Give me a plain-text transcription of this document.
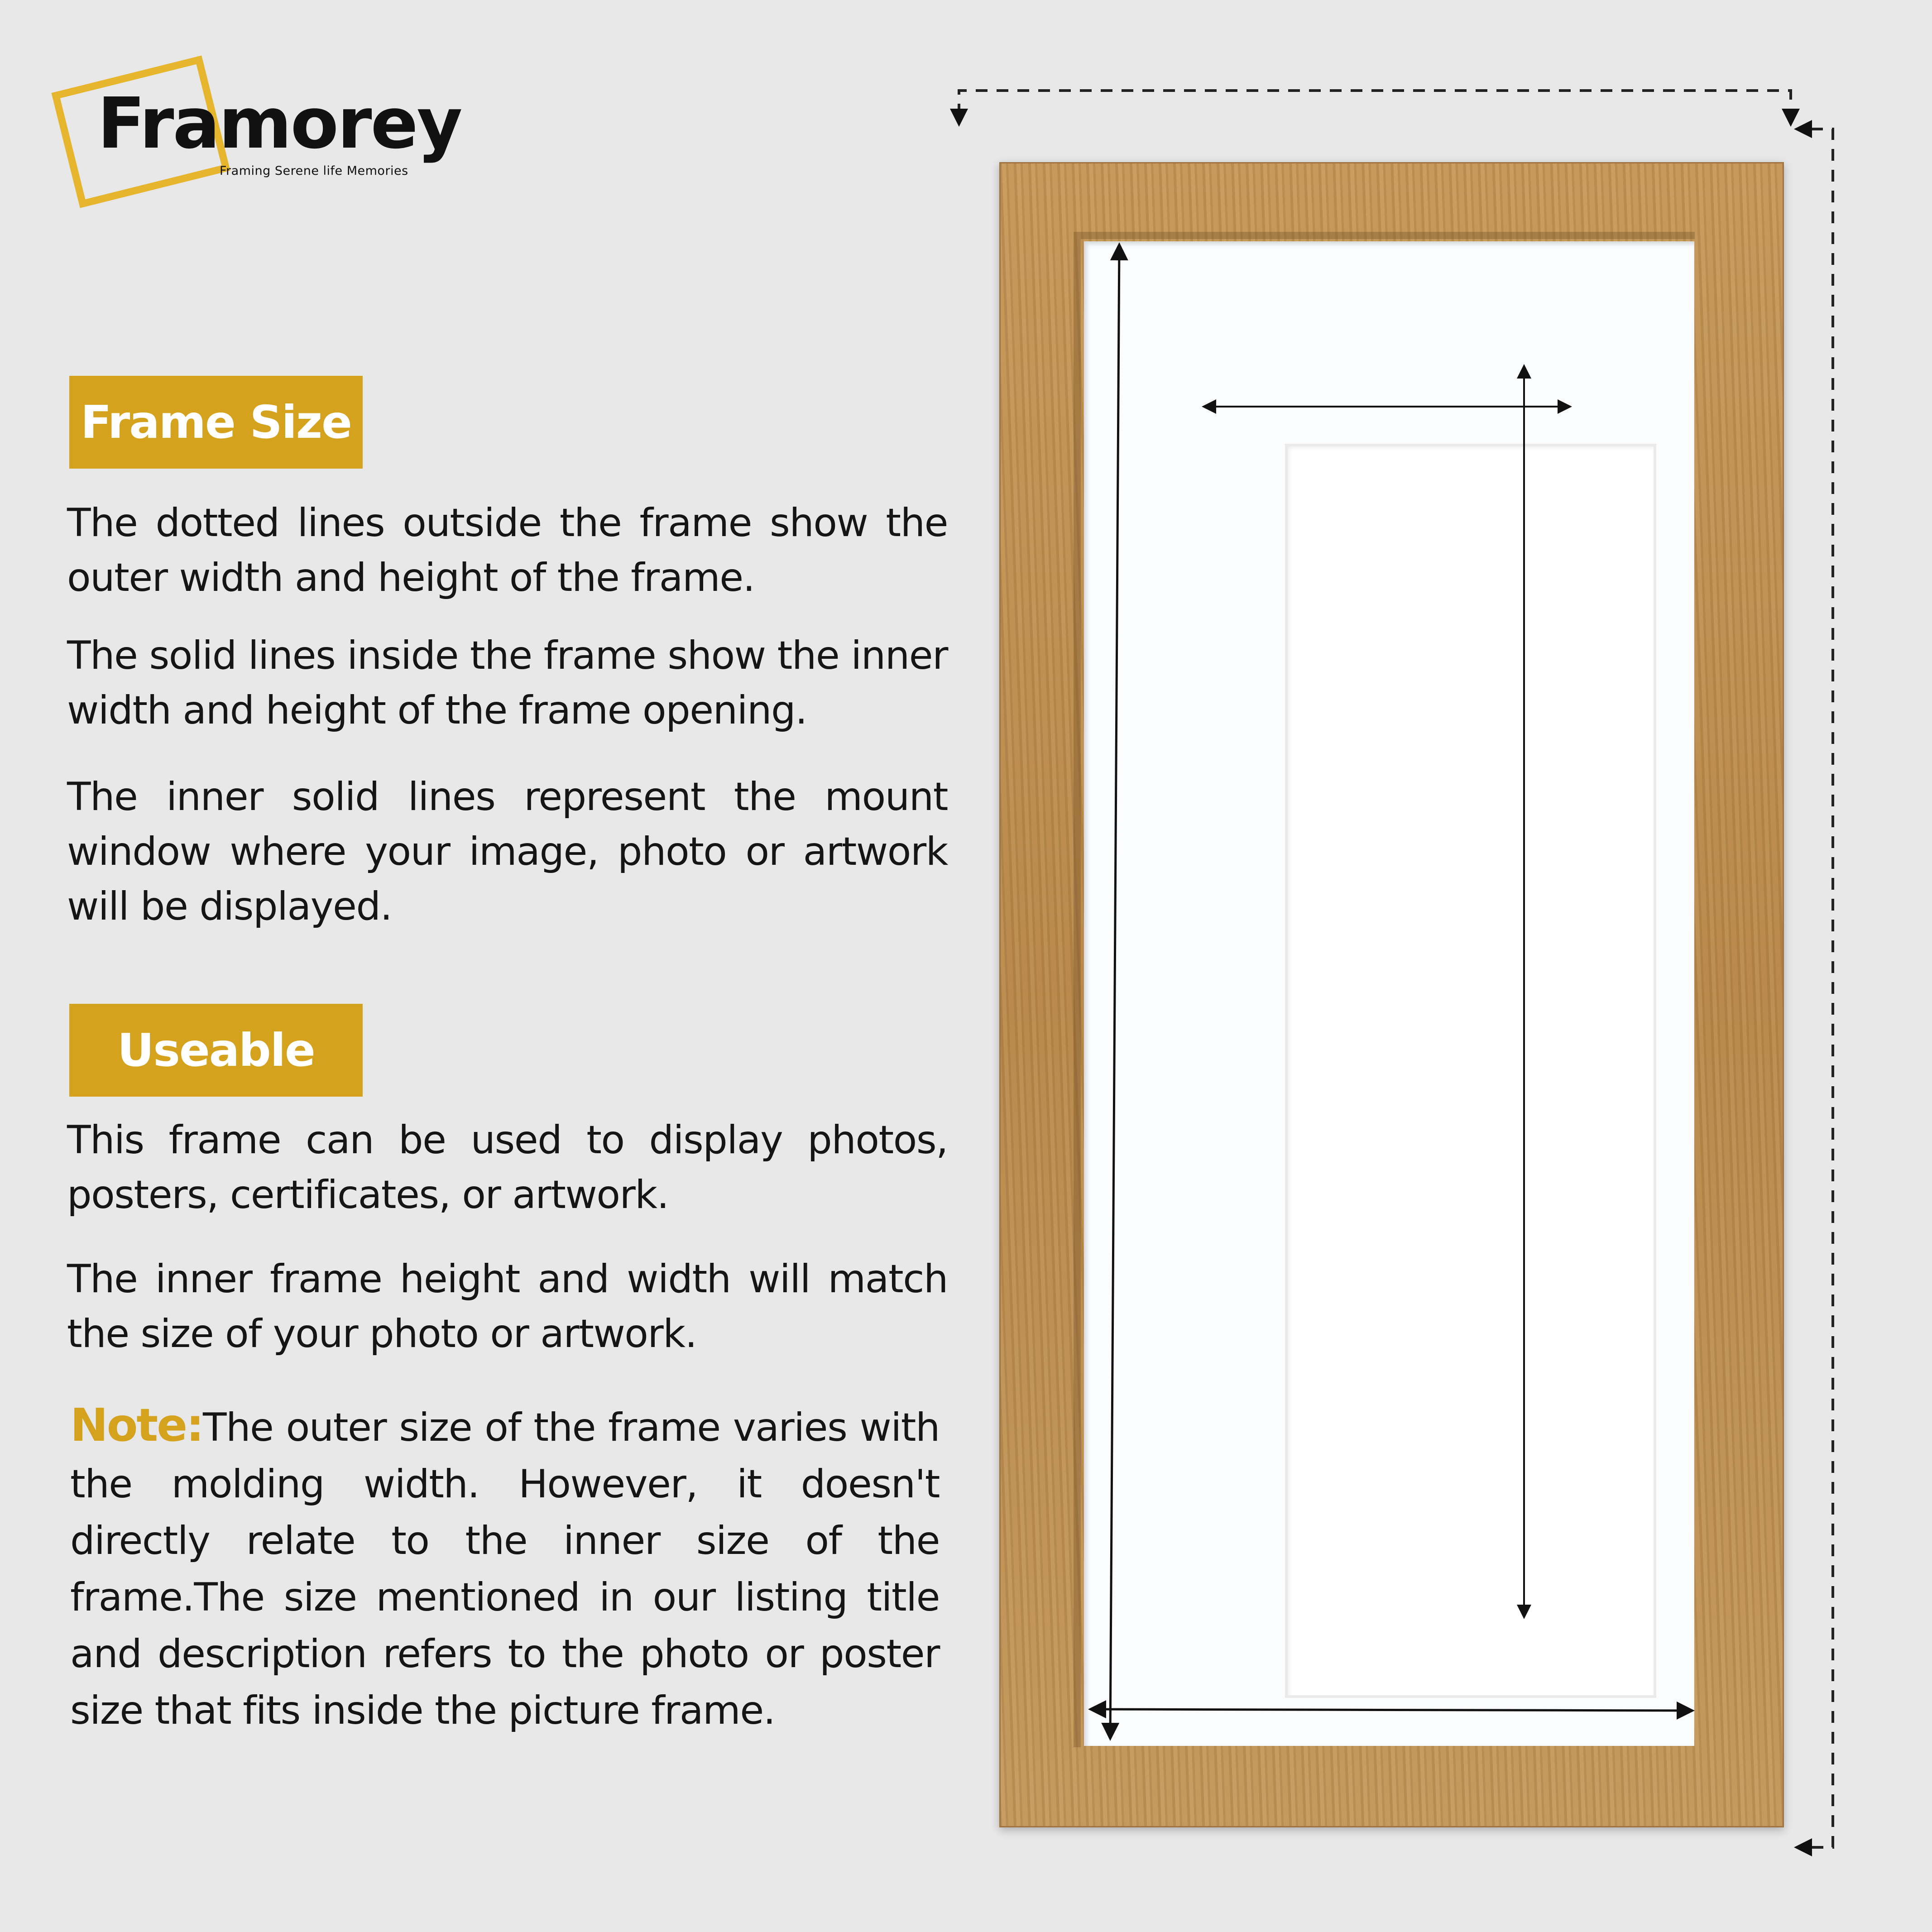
Framorey
Framing Serene life Memories
Frame Size
The dotted lines outside the frame show the outer width and height of the frame.
The solid lines inside the frame show the inner width and height of the frame opening.
The inner solid lines represent the mount window where your image, photo or artwork will be displayed.
Useable
This frame can be used to display photos, posters, certificates, or artwork.
The inner frame height and width will match the size of your photo or artwork.
Note:The outer size of the frame varies with the molding width. However, it doesn't directly relate to the inner size of the frame.The size mentioned in our listing title and description refers to the photo or poster size that fits inside the picture frame.
